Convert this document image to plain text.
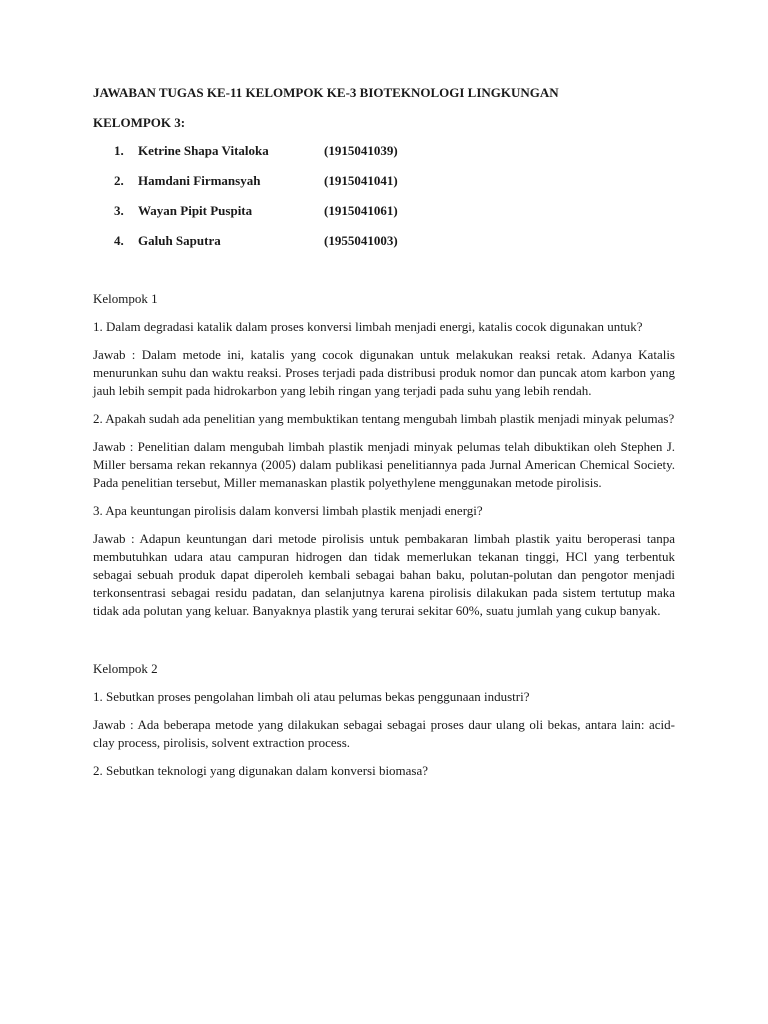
JAWABAN TUGAS KE-11 KELOMPOK KE-3 BIOTEKNOLOGI LINGKUNGAN
KELOMPOK 3:
1. Ketrine Shapa Vitaloka	(1915041039)
2. Hamdani Firmansyah	(1915041041)
3. Wayan Pipit Puspita	(1915041061)
4. Galuh Saputra	(1955041003)

Kelompok 1

1. Dalam degradasi katalik dalam proses konversi limbah menjadi energi, katalis cocok digunakan untuk?

Jawab : Dalam metode ini, katalis yang cocok digunakan untuk melakukan reaksi retak. Adanya Katalis menurunkan suhu dan waktu reaksi. Proses terjadi pada distribusi produk nomor dan puncak atom karbon yang jauh lebih sempit pada hidrokarbon yang lebih ringan yang terjadi pada suhu yang lebih rendah.

2. Apakah sudah ada penelitian yang membuktikan tentang mengubah limbah plastik menjadi minyak pelumas?

Jawab : Penelitian dalam mengubah limbah plastik menjadi minyak pelumas telah dibuktikan oleh Stephen J. Miller bersama rekan rekannya (2005) dalam publikasi penelitiannya pada Jurnal American Chemical Society. Pada penelitian tersebut, Miller memanaskan plastik polyethylene menggunakan metode pirolisis.

3. Apa keuntungan pirolisis dalam konversi limbah plastik menjadi energi?

Jawab : Adapun keuntungan dari metode pirolisis untuk pembakaran limbah plastik yaitu beroperasi tanpa membutuhkan udara atau campuran hidrogen dan tidak memerlukan tekanan tinggi, HCl yang terbentuk sebagai sebuah produk dapat diperoleh kembali sebagai bahan baku, polutan-polutan dan pengotor menjadi terkonsentrasi sebagai residu padatan, dan selanjutnya karena pirolisis dilakukan pada sistem tertutup maka tidak ada polutan yang keluar. Banyaknya plastik yang terurai sekitar 60%, suatu jumlah yang cukup banyak.

Kelompok 2

1. Sebutkan proses pengolahan limbah oli atau pelumas bekas penggunaan industri?

Jawab : Ada beberapa metode yang dilakukan sebagai sebagai proses daur ulang oli bekas, antara lain: acid- clay process, pirolisis, solvent extraction process.

2. Sebutkan teknologi yang digunakan dalam konversi biomasa?
